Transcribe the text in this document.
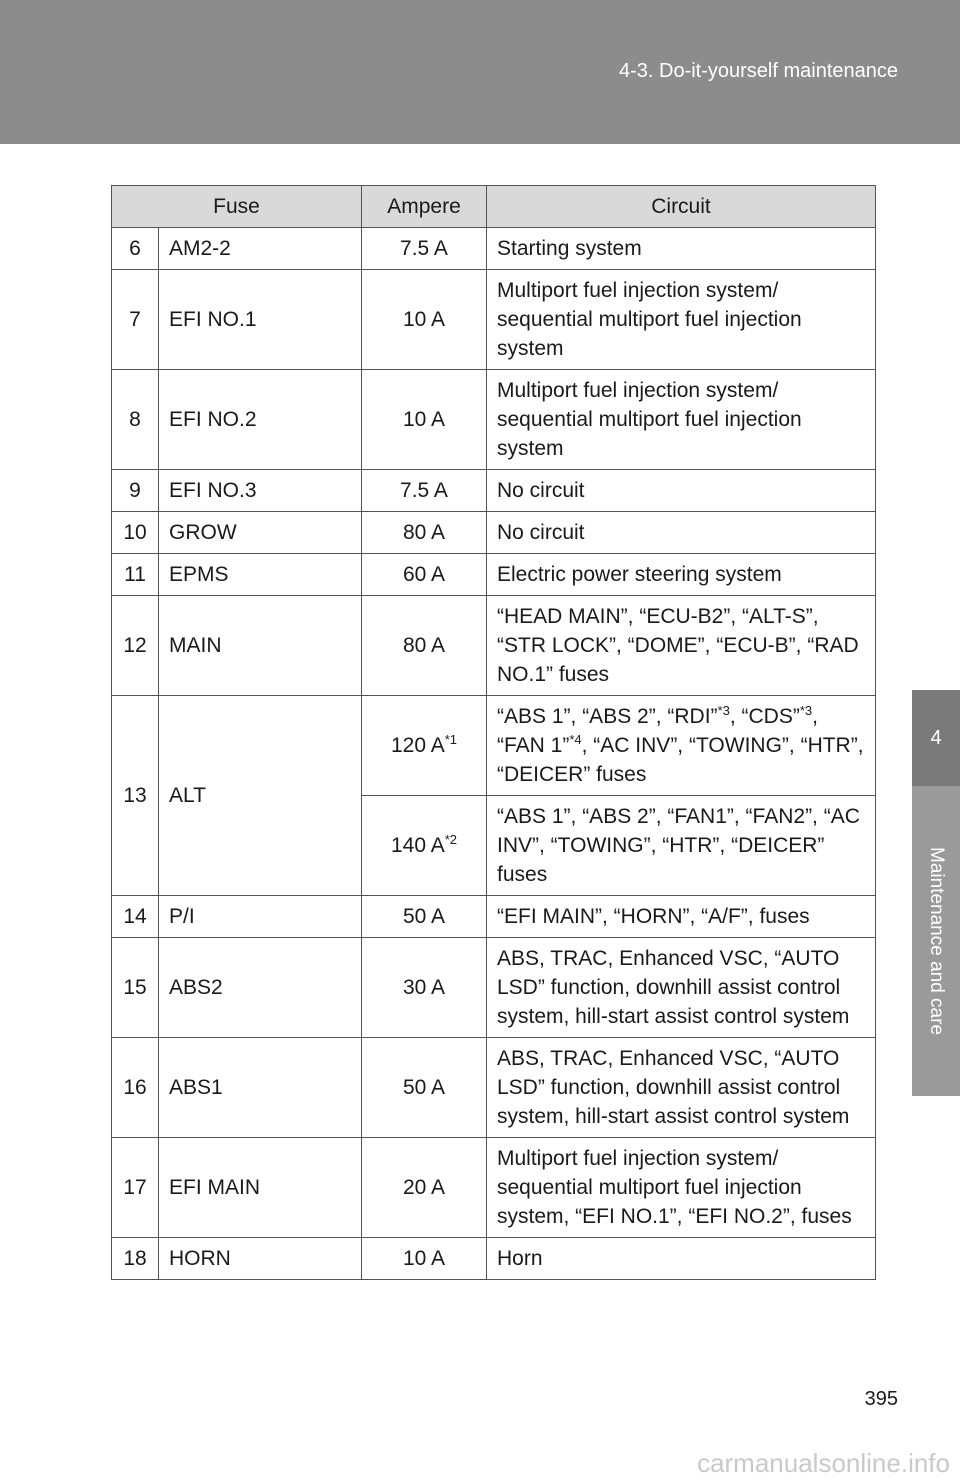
4-3. Do-it-yourself maintenance
4
Maintenance and care
Fuse		Ampere	Circuit
6	AM2-2	7.5 A	Starting system
7	EFI NO.1	10 A	Multiport fuel injection system/ sequential multiport fuel injection system
8	EFI NO.2	10 A	Multiport fuel injection system/ sequential multiport fuel injection system
9	EFI NO.3	7.5 A	No circuit
10	GROW	80 A	No circuit
11	EPMS	60 A	Electric power steering system
12	MAIN	80 A	“HEAD MAIN”, “ECU-B2”, “ALT-S”, “STR LOCK”, “DOME”, “ECU-B”, “RAD NO.1” fuses
13	ALT	120 $A^{*1}$	“ABS 1”, “ABS 2”, “RDI”$^{*3}$, “CDS”$^{*3}$, “FAN 1”$^{*4}$, “AC INV”, “TOWING”, “HTR”, “DEICER” fuses
		140 $A^{*2}$	“ABS 1”, “ABS 2”, “FAN1”, “FAN2”, “AC INV”, “TOWING”, “HTR”, “DEICER” fuses
14	P/I	50 A	“EFI MAIN”, “HORN”, “A/F”, fuses
15	ABS2	30 A	ABS, TRAC, Enhanced VSC, “AUTO LSD” function, downhill assist control system, hill-start assist control system
16	ABS1	50 A	ABS, TRAC, Enhanced VSC, “AUTO LSD” function, downhill assist control system, hill-start assist control system
17	EFI MAIN	20 A	Multiport fuel injection system/ sequential multiport fuel injection system, “EFI NO.1”, “EFI NO.2”, fuses
18	HORN	10 A	Horn
395
carmanualsonline.info
